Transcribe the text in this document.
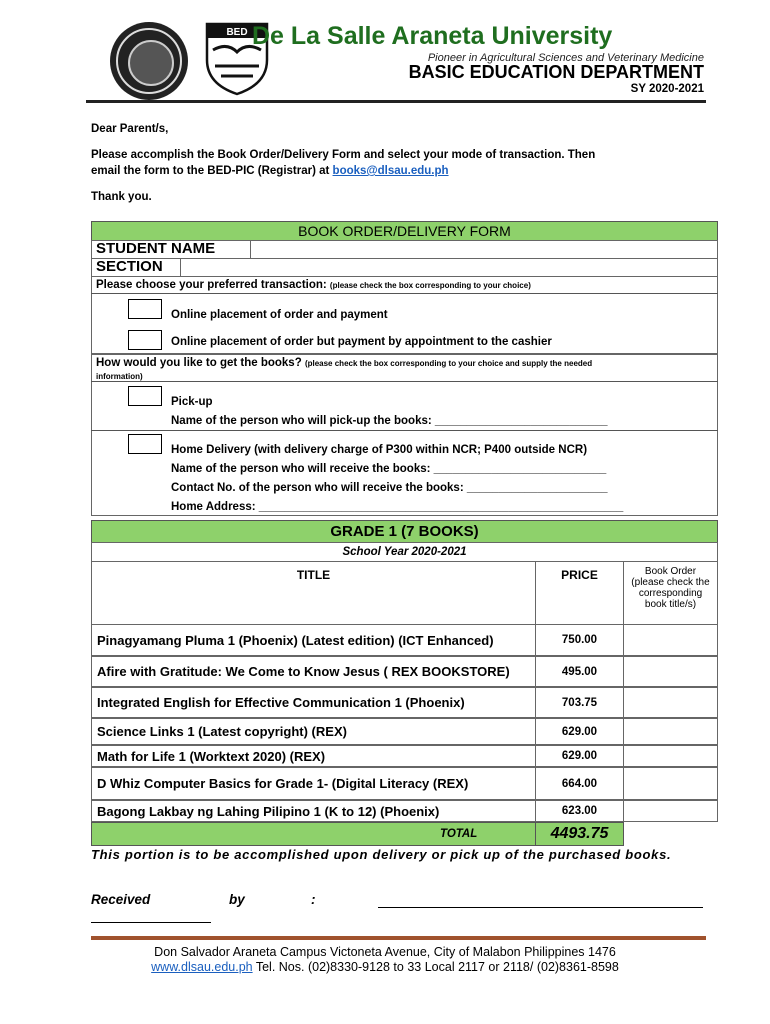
BED De La Salle Araneta University
Pioneer in Agricultural Sciences and Veterinary Medicine
BASIC EDUCATION DEPARTMENT
SY 2020-2021
Dear Parent/s,
Please accomplish the Book Order/Delivery Form and select your mode of transaction. Then
email the form to the BED-PIC (Registrar) at books@dlsau.edu.ph
Thank you.
BOOK ORDER/DELIVERY FORM
STUDENT NAME
SECTION
Please choose your preferred transaction: (please check the box corresponding to your choice)
Online placement of order and payment
Online placement of order but payment by appointment to the cashier
How would you like to get the books? (please check the box corresponding to your choice and supply the needed
information)
Pick-up
Name of the person who will pick-up the books: ___________________________
Home Delivery (with delivery charge of P300 within NCR; P400 outside NCR)
Name of the person who will receive the books: ___________________________
Contact No. of the person who will receive the books: ______________________
Home Address: _________________________________________________________
GRADE 1 (7 BOOKS)
School Year 2020-2021
TITLE	PRICE	Book Order (please check the corresponding book title/s)
Pinagyamang Pluma 1 (Phoenix) (Latest edition) (ICT Enhanced)	750.00
Afire with Gratitude: We Come to Know Jesus ( REX BOOKSTORE)	495.00
Integrated English for Effective Communication 1 (Phoenix)	703.75
Science Links 1 (Latest copyright) (REX)	629.00
Math for Life 1 (Worktext 2020) (REX)	629.00
D Whiz Computer Basics for Grade 1- (Digital Literacy (REX)	664.00
Bagong Lakbay ng Lahing Pilipino 1 (K to 12) (Phoenix)	623.00
TOTAL	4493.75
This portion is to be accomplished upon delivery or pick up of the purchased books.
Received	by	:
Don Salvador Araneta Campus Victoneta Avenue, City of Malabon Philippines 1476
www.dlsau.edu.ph Tel. Nos. (02)8330-9128 to 33 Local 2117 or 2118/ (02)8361-8598
